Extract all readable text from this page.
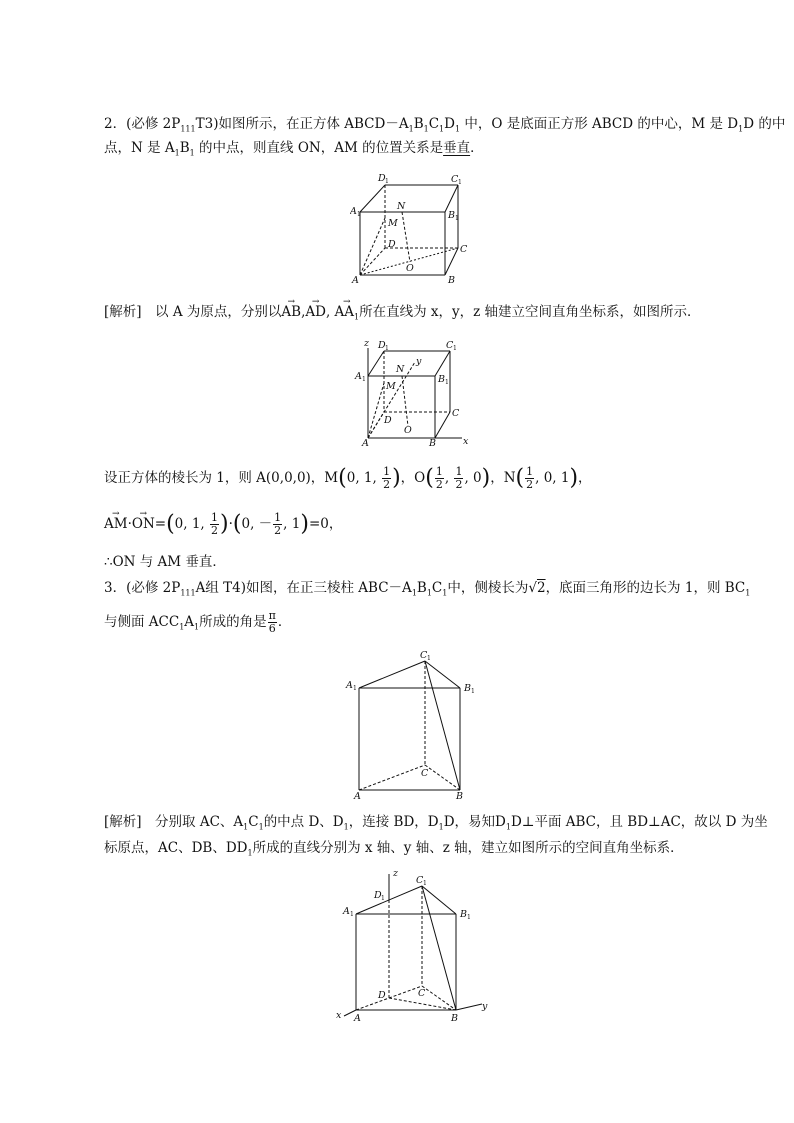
2．(必修 $2P_{111}T3$)如图所示，在正方体 $ABCD-A_1B_1C_1D_1$ 中，O 是底面正方形 ABCD 的中心，M 是 $D_1D$ 的中
点，N 是 $A_1B_1$ 的中点，则直线 ON，AM 的位置关系是垂直．
D 1	C 1
A 1	B 1
N
M
D	C
O
A	B
[解析]　以 A 为原点，分别以→ AB,→ AD, → $AA_1$所在直线为 x，y，z 轴建立空间直角坐标系，如图所示．
z D 1	C 1
A 1	B 1
N
y
M
D
C
O
A	B	x
设正方体的棱长为 1，则 A(0,0,0)，M(0, 1, $\frac{1}{2}$ )，$O( \frac{1}{2}$ , $\frac{1}{2}$ , 0)，$N( \frac{1}{2}$ , 0, 1)，
→ AM·→ ON=(0, 1, $\frac{1}{2} )\cdot(0$, － $\frac{1}{2}$ , 1)=0，
∴ON 与 AM 垂直．
3．(必修 $2P_{111}A$组 T4)如图，在正三棱柱 $ABC-A_1B_1C_1$中，侧棱长为√2，底面三角形的边长为 1，则 $BC_1$
与侧面 $ACC_1A_1$所成的角是 $\frac{\pi}{6}$ ．
C 1
A 1	B 1
C
A	B
[解析]　分别取 AC、$A_1C_1$的中点 D、$D_1$，连接 BD，$D_1D$，易知$D_1D\perp$平面 ABC，且 BD⊥AC，故以 D 为坐
标原点，AC、DB、$DD_1$所成的直线分别为 x 轴、y 轴、z 轴，建立如图所示的空间直角坐标系．
z
D 1
C 1
A 1	B 1
D	C
y
x A	B
